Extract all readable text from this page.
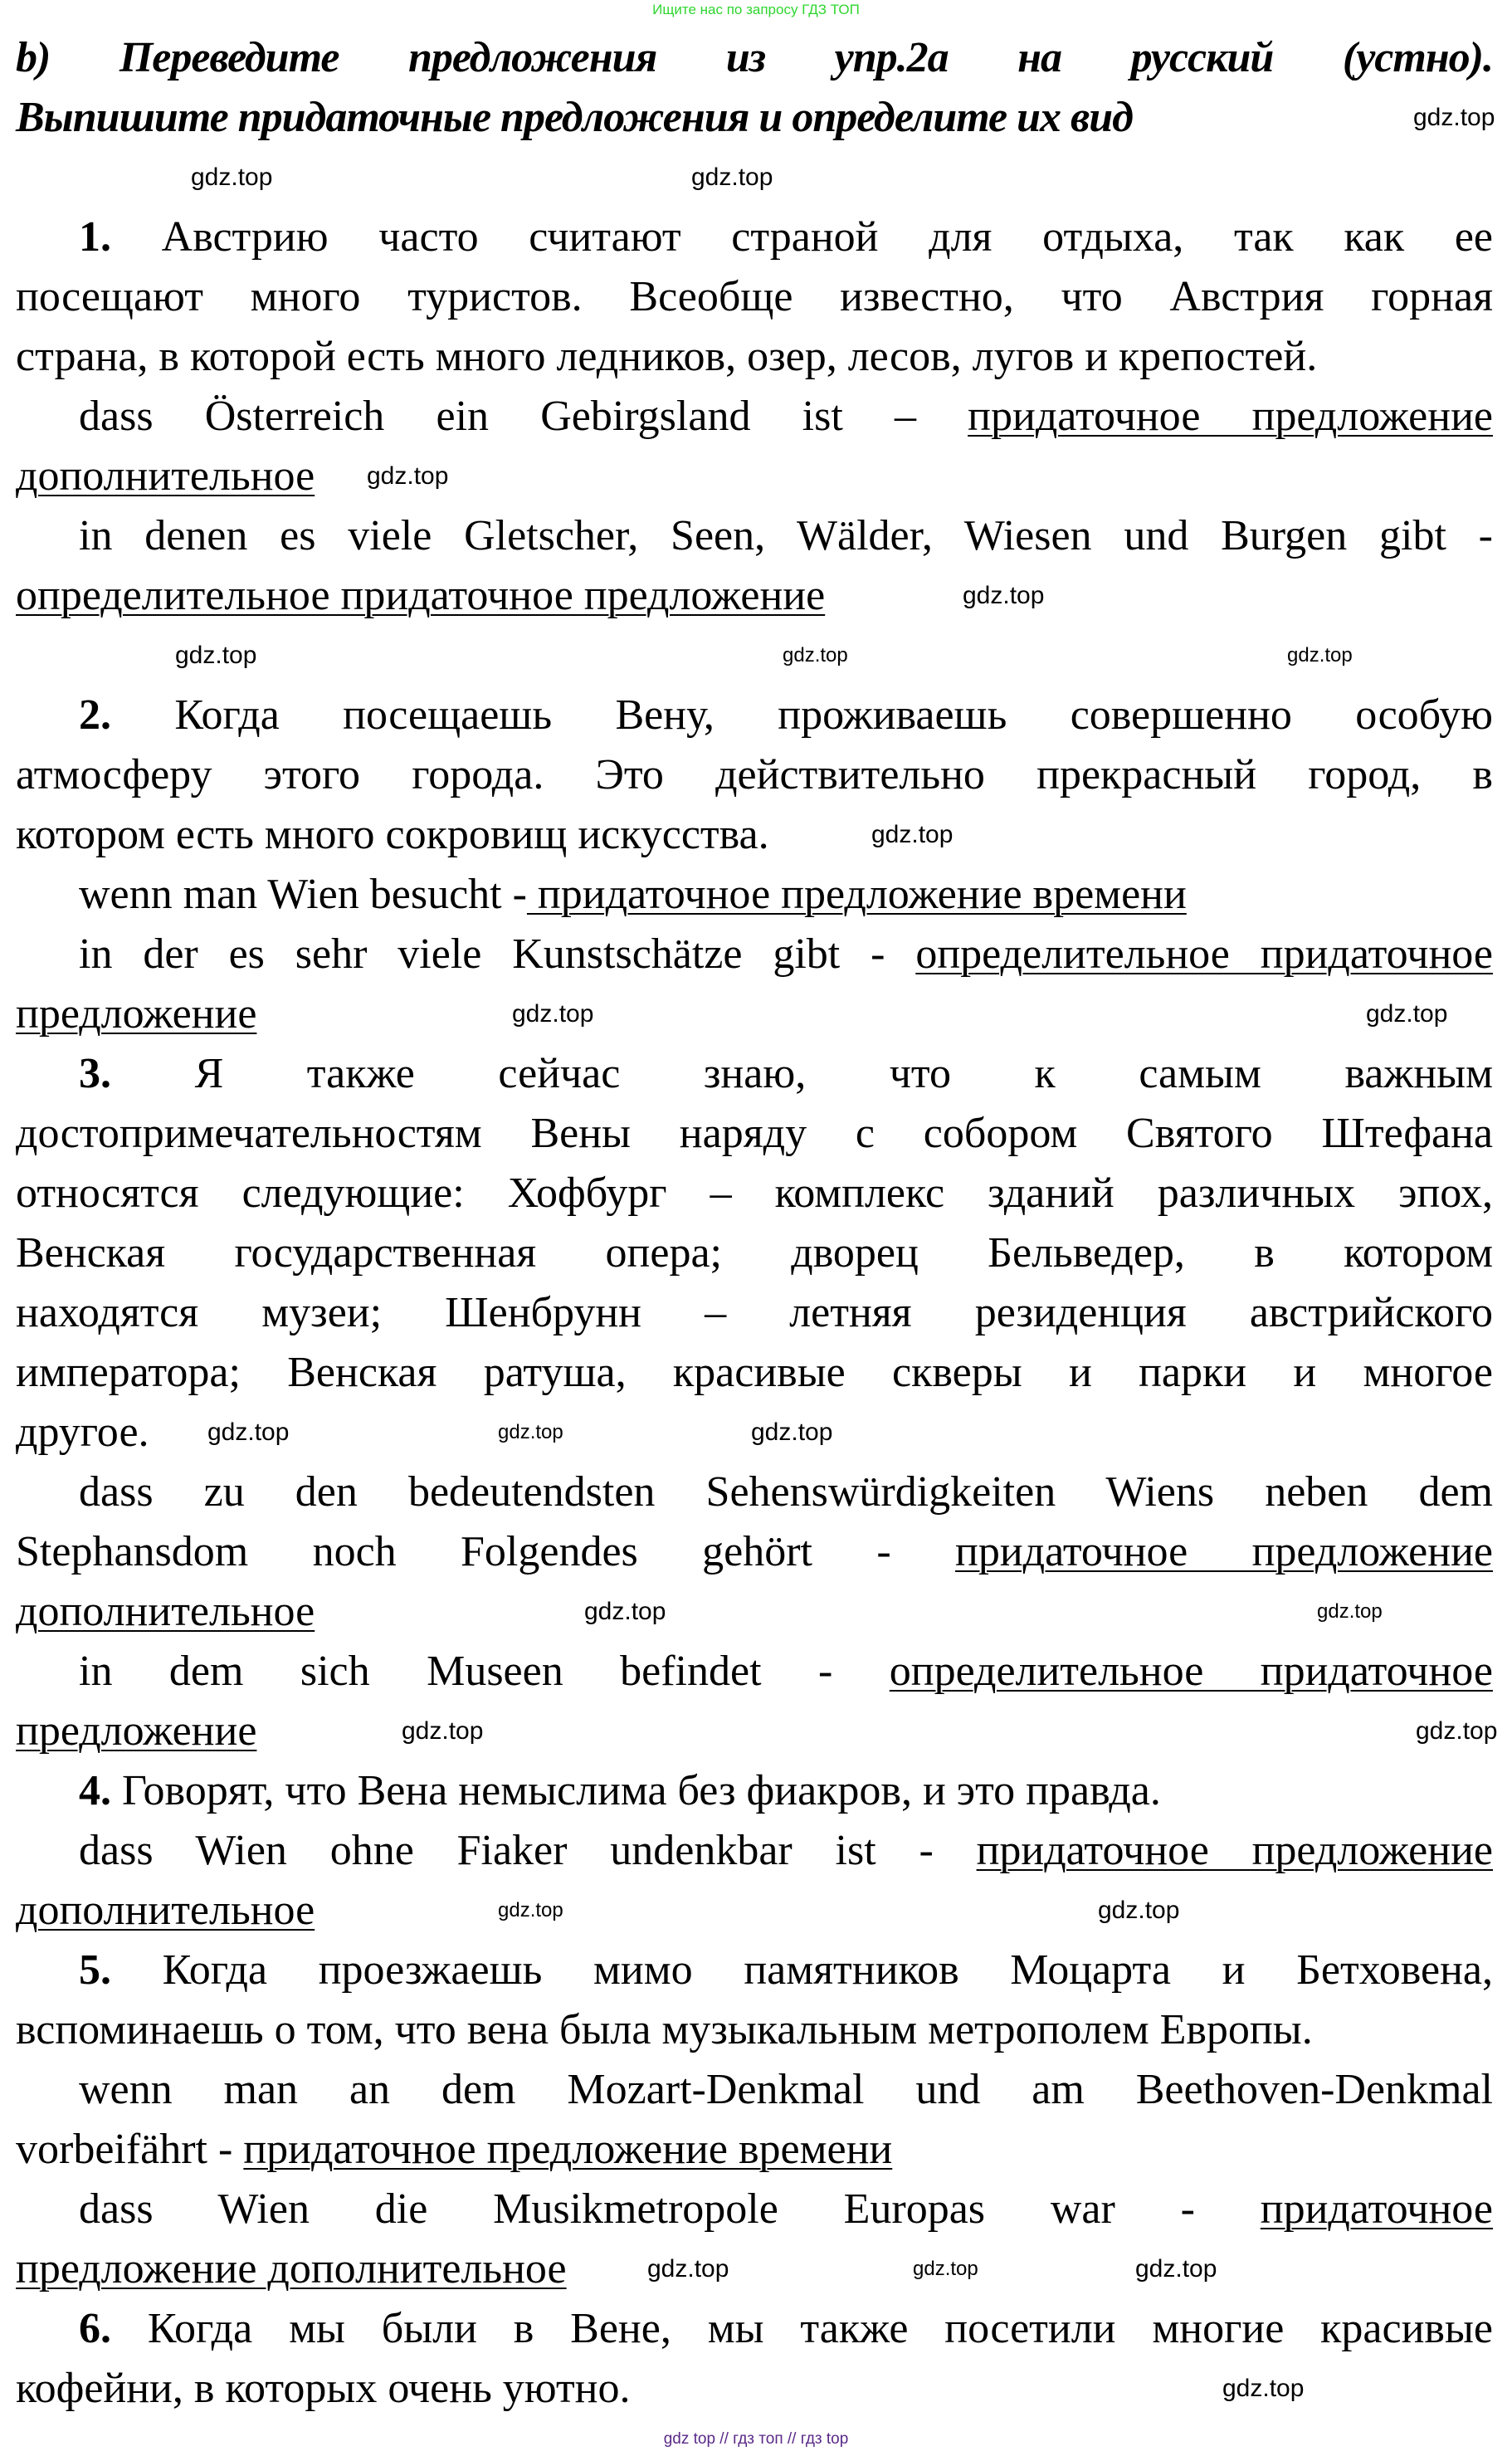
Ищите нас по запросу ГДЗ ТОП
b) Переведите предложения из упр.2а на русский (устно).
Выпишите придаточные предложения и определите их вид
1. Австрию часто считают страной для отдыха, так как ее
посещают много туристов. Всеобще известно, что Австрия горная
страна, в которой есть много ледников, озер, лесов, лугов и крепостей.
dass Österreich ein Gebirgsland ist – придаточное предложение
дополнительное
in denen es viele Gletscher, Seen, Wälder, Wiesen und Burgen gibt -
определительное придаточное предложение
2. Когда посещаешь Вену, проживаешь совершенно особую
атмосферу этого города. Это действительно прекрасный город, в
котором есть много сокровищ искусства.
wenn man Wien besucht - придаточное предложение времени
in der es sehr viele Kunstschätze gibt - определительное придаточное
предложение
3. Я также сейчас знаю, что к самым важным
достопримечательностям Вены наряду с собором Святого Штефана
относятся следующие: Хофбург – комплекс зданий различных эпох,
Венская государственная опера; дворец Бельведер, в котором
находятся музеи; Шенбрунн – летняя резиденция австрийского
императора; Венская ратуша, красивые скверы и парки и многое
другое.
dass zu den bedeutendsten Sehenswürdigkeiten Wiens neben dem
Stephansdom noch Folgendes gehört - придаточное предложение
дополнительное
in dem sich Museen befindet - определительное придаточное
предложение
4. Говорят, что Вена немыслима без фиакров, и это правда.
dass Wien ohne Fiaker undenkbar ist - придаточное предложение
дополнительное
5. Когда проезжаешь мимо памятников Моцарта и Бетховена,
вспоминаешь о том, что вена была музыкальным метрополем Европы.
wenn man an dem Mozart-Denkmal und am Beethoven-Denkmal
vorbeifährt - придаточное предложение времени
dass Wien die Musikmetropole Europas war - придаточное
предложение дополнительное
6. Когда мы были в Вене, мы также посетили многие красивые
кофейни, в которых очень уютно.
gdz.top
gdz.top	gdz.top
gdz.top
gdz.top
gdz.top
gdz.top	gdz.top
gdz.top
gdz.top
gdz.top
gdz.top
gdz.top	gdz.top
gdz.top
gdz.top
gdz.top	gdz.top
gdz.top
gdz.top
gdz.top
gdz.top
gdz.top
gdz.top
gdz top // гдз топ // гдз top
